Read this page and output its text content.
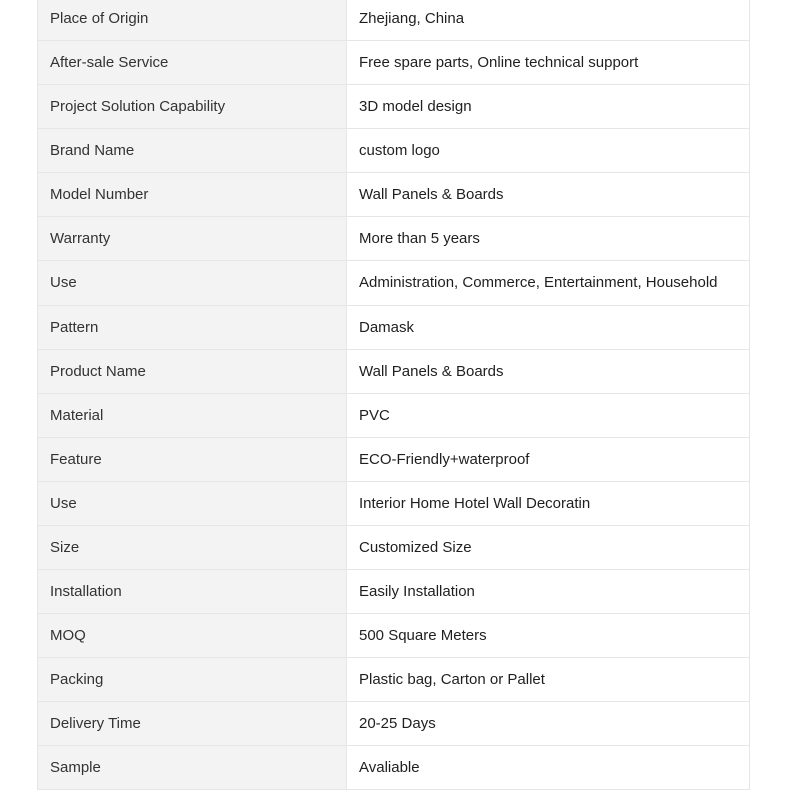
Place of Origin	Zhejiang, China
After-sale Service	Free spare parts, Online technical support
Project Solution Capability	3D model design
Brand Name	custom logo
Model Number	Wall Panels & Boards
Warranty	More than 5 years
Use	Administration, Commerce, Entertainment, Household
Pattern	Damask
Product Name	Wall Panels & Boards
Material	PVC
Feature	ECO-Friendly+waterproof
Use	Interior Home Hotel Wall Decoratin
Size	Customized Size
Installation	Easily Installation
MOQ	500 Square Meters
Packing	Plastic bag, Carton or Pallet
Delivery Time	20-25 Days
Sample	Avaliable
